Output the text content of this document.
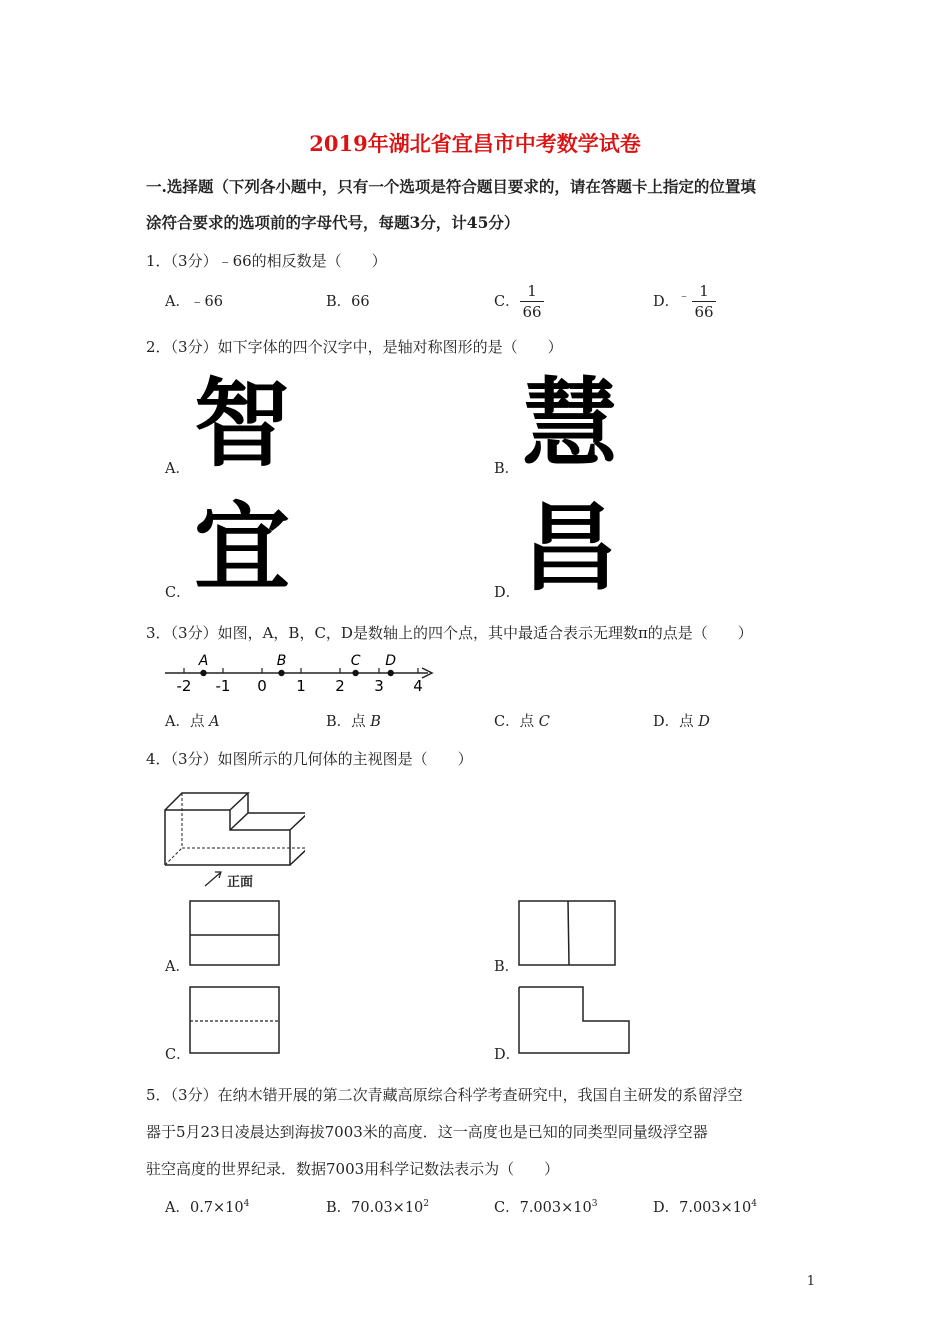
2019年湖北省宜昌市中考数学试卷
一.选择题（下列各小题中，只有一个选项是符合题目要求的，请在答题卡上指定的位置填
涂符合要求的选项前的字母代号，每题3分，计45分）
1．（3分）﹣66的相反数是（　　）
A．﹣66	B．66	C．
1
66
D．
﹣ 1
66
2．（3分）如下字体的四个汉字中，是轴对称图形的是（　　）
智
A．	慧
B．
宜
C．	昌
D．
3．（3分）如图，A，B，C，D是数轴上的四个点，其中最适合表示无理数π的点是（　　）
-2 -1 0 1 2 3 4
A	B	C D
A．点 A	B．点 B	C．点 C	D．点 D
4．（3分）如图所示的几何体的主视图是（　　）
正面
A．	B．
C．	D．
5．（3分）在纳木错开展的第二次青藏高原综合科学考查研究中，我国自主研发的系留浮空
器于5月23日凌晨达到海拔7003米的高度．这一高度也是已知的同类型同量级浮空器
驻空高度的世界纪录．数据7003用科学记数法表示为（　　）
A．$0.7\times 10^4$	B．$70.03\times 10^2$	C．$7.003\times 10^3$	D．$7.003\times 10^4$
1
